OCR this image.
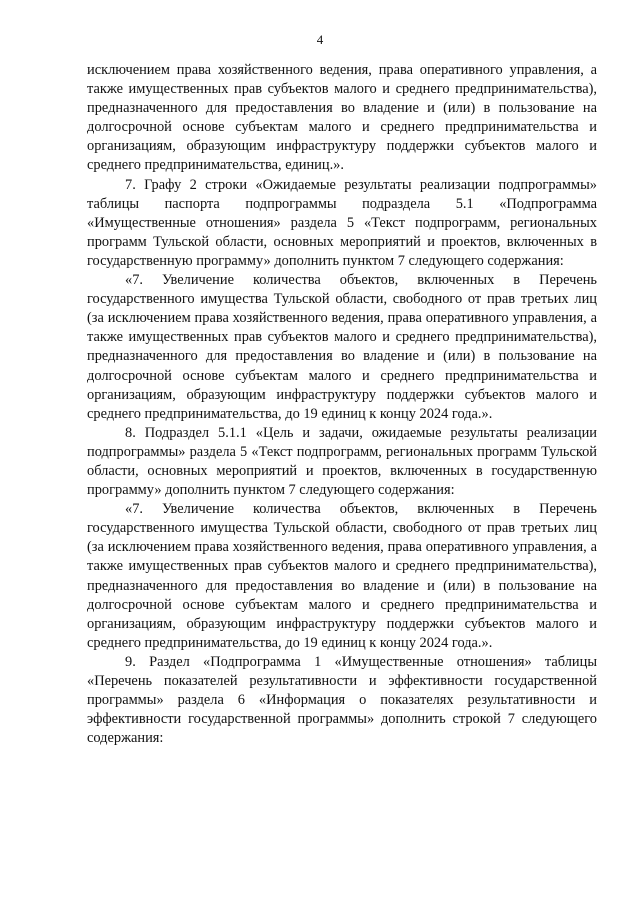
4

исключением права хозяйственного ведения, права оперативного управления, а также имущественных прав субъектов малого и среднего предпринимательства), предназначенного для предоставления во владение и (или) в пользование на долгосрочной основе субъектам малого и среднего предпринимательства и организациям, образующим инфраструктуру поддержки субъектов малого и среднего предпринимательства, единиц.».

7. Графу 2 строки «Ожидаемые результаты реализации подпрограммы» таблицы паспорта подпрограммы подраздела 5.1 «Подпрограмма «Имущественные отношения» раздела 5 «Текст подпрограмм, региональных программ Тульской области, основных мероприятий и проектов, включенных в государственную программу» дополнить пунктом 7 следующего содержания:

«7. Увеличение количества объектов, включенных в Перечень государственного имущества Тульской области, свободного от прав третьих лиц (за исключением права хозяйственного ведения, права оперативного управления, а также имущественных прав субъектов малого и среднего предпринимательства), предназначенного для предоставления во владение и (или) в пользование на долгосрочной основе субъектам малого и среднего предпринимательства и организациям, образующим инфраструктуру поддержки субъектов малого и среднего предпринимательства, до 19 единиц к концу 2024 года.».

8. Подраздел 5.1.1 «Цель и задачи, ожидаемые результаты реализации подпрограммы» раздела 5 «Текст подпрограмм, региональных программ Тульской области, основных мероприятий и проектов, включенных в государственную программу» дополнить пунктом 7 следующего содержания:

«7. Увеличение количества объектов, включенных в Перечень государственного имущества Тульской области, свободного от прав третьих лиц (за исключением права хозяйственного ведения, права оперативного управления, а также имущественных прав субъектов малого и среднего предпринимательства), предназначенного для предоставления во владение и (или) в пользование на долгосрочной основе субъектам малого и среднего предпринимательства и организациям, образующим инфраструктуру поддержки субъектов малого и среднего предпринимательства, до 19 единиц к концу 2024 года.».

9. Раздел «Подпрограмма 1 «Имущественные отношения» таблицы «Перечень показателей результативности и эффективности государственной программы» раздела 6 «Информация о показателях результативности и эффективности государственной программы» дополнить строкой 7 следующего содержания:
